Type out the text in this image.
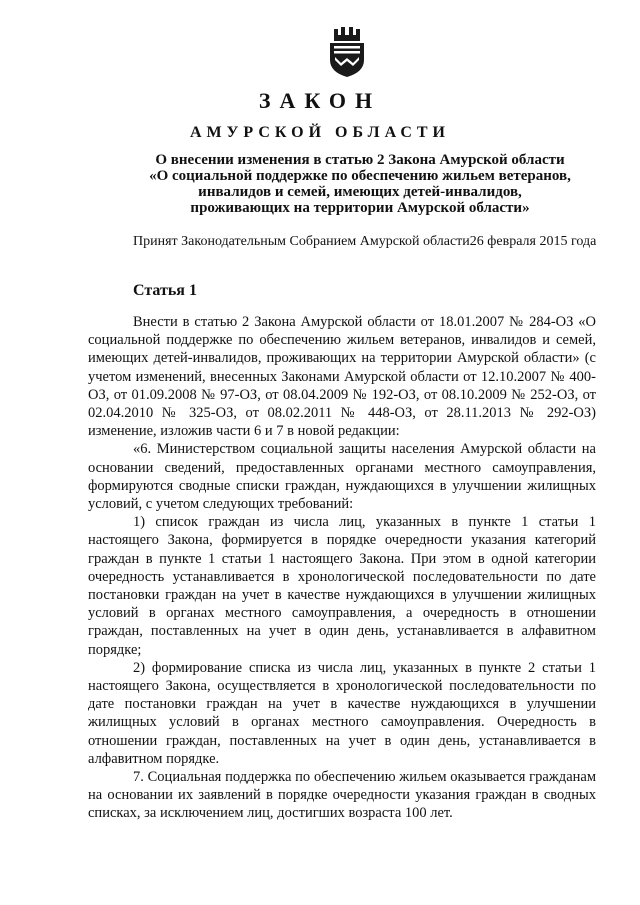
ЗАКОН
АМУРСКОЙ ОБЛАСТИ
О внесении изменения в статью 2 Закона Амурской области
«О социальной поддержке по обеспечению жильем ветеранов,
инвалидов и семей, имеющих детей-инвалидов,
проживающих на территории Амурской области»
Принят Законодательным Собранием Амурской области 26 февраля 2015 года
Статья 1

Внести в статью 2 Закона Амурской области от 18.01.2007 № 284-ОЗ «О социальной поддержке по обеспечению жильем ветеранов, инвалидов и семей, имеющих детей-инвалидов, проживающих на территории Амурской области» (с учетом изменений, внесенных Законами Амурской области от 12.10.2007 № 400-ОЗ, от 01.09.2008 № 97-ОЗ, от 08.04.2009 № 192-ОЗ, от 08.10.2009 № 252-ОЗ, от 02.04.2010 № 325-ОЗ, от 08.02.2011 № 448-ОЗ, от 28.11.2013 № 292-ОЗ) изменение, изложив части 6 и 7 в новой редакции:

«6. Министерством социальной защиты населения Амурской области на основании сведений, предоставленных органами местного самоуправления, формируются сводные списки граждан, нуждающихся в улучшении жилищных условий, с учетом следующих требований:

1) список граждан из числа лиц, указанных в пункте 1 статьи 1 настоящего Закона, формируется в порядке очередности указания категорий граждан в пункте 1 статьи 1 настоящего Закона. При этом в одной категории очередность устанавливается в хронологической последовательности по дате постановки граждан на учет в качестве нуждающихся в улучшении жилищных условий в органах местного самоуправления, а очередность в отношении граждан, поставленных на учет в один день, устанавливается в алфавитном порядке;

2) формирование списка из числа лиц, указанных в пункте 2 статьи 1 настоящего Закона, осуществляется в хронологической последовательности по дате постановки граждан на учет в качестве нуждающихся в улучшении жилищных условий в органах местного самоуправления. Очередность в отношении граждан, поставленных на учет в один день, устанавливается в алфавитном порядке.

7. Социальная поддержка по обеспечению жильем оказывается гражданам на основании их заявлений в порядке очередности указания граждан в сводных списках, за исключением лиц, достигших возраста 100 лет.
